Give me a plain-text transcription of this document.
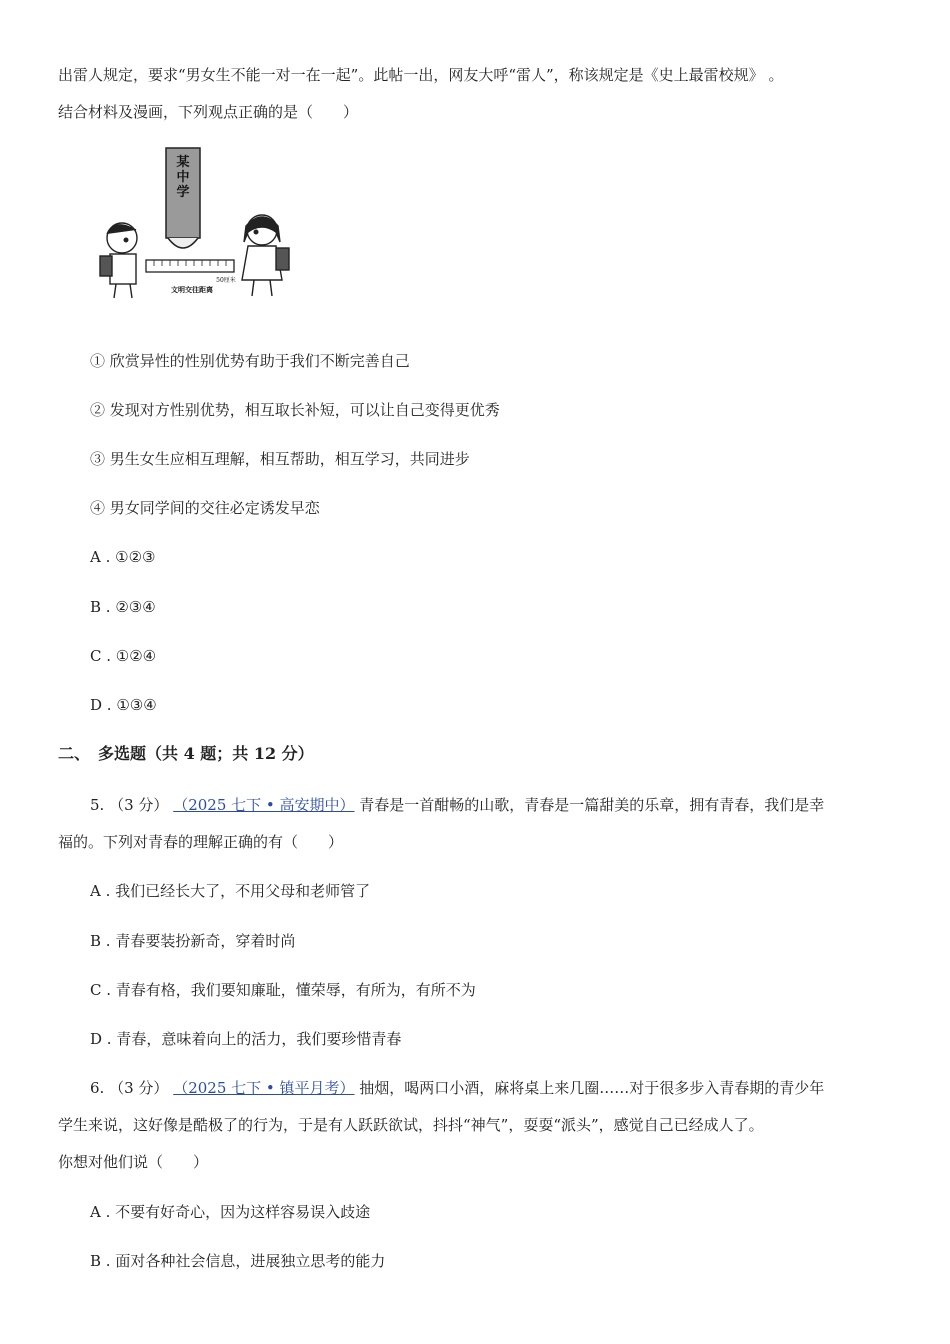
出雷人规定，要求“男女生不能一对一在一起”。此帖一出，网友大呼“雷人”，称该规定是《史上最雷校规》 。
结合材料及漫画，下列观点正确的是（　　）
某中学
50厘米
文明交往距离
① 欣赏异性的性别优势有助于我们不断完善自己
② 发现对方性别优势，相互取长补短，可以让自己变得更优秀
③ 男生女生应相互理解，相互帮助，相互学习，共同进步
④ 男女同学间的交往必定诱发早恋
A . ①②③
B . ②③④
C . ①②④
D . ①③④
二、　多选题（共 4 题；共 12 分）
5. （3 分） （2025 七下 • 高安期中） 青春是一首酣畅的山歌，青春是一篇甜美的乐章，拥有青春，我们是幸
福的。下列对青春的理解正确的有（　　）
A . 我们已经长大了，不用父母和老师管了
B . 青春要装扮新奇，穿着时尚
C . 青春有格，我们要知廉耻，懂荣辱，有所为，有所不为
D . 青春，意味着向上的活力，我们要珍惜青春
6. （3 分） （2025 七下 • 镇平月考） 抽烟，喝两口小酒，麻将桌上来几圈……对于很多步入青春期的青少年
学生来说，这好像是酷极了的行为，于是有人跃跃欲试，抖抖“神气”，耍耍“派头”，感觉自己已经成人了。
你想对他们说（　　）
A . 不要有好奇心，因为这样容易误入歧途
B . 面对各种社会信息，进展独立思考的能力
